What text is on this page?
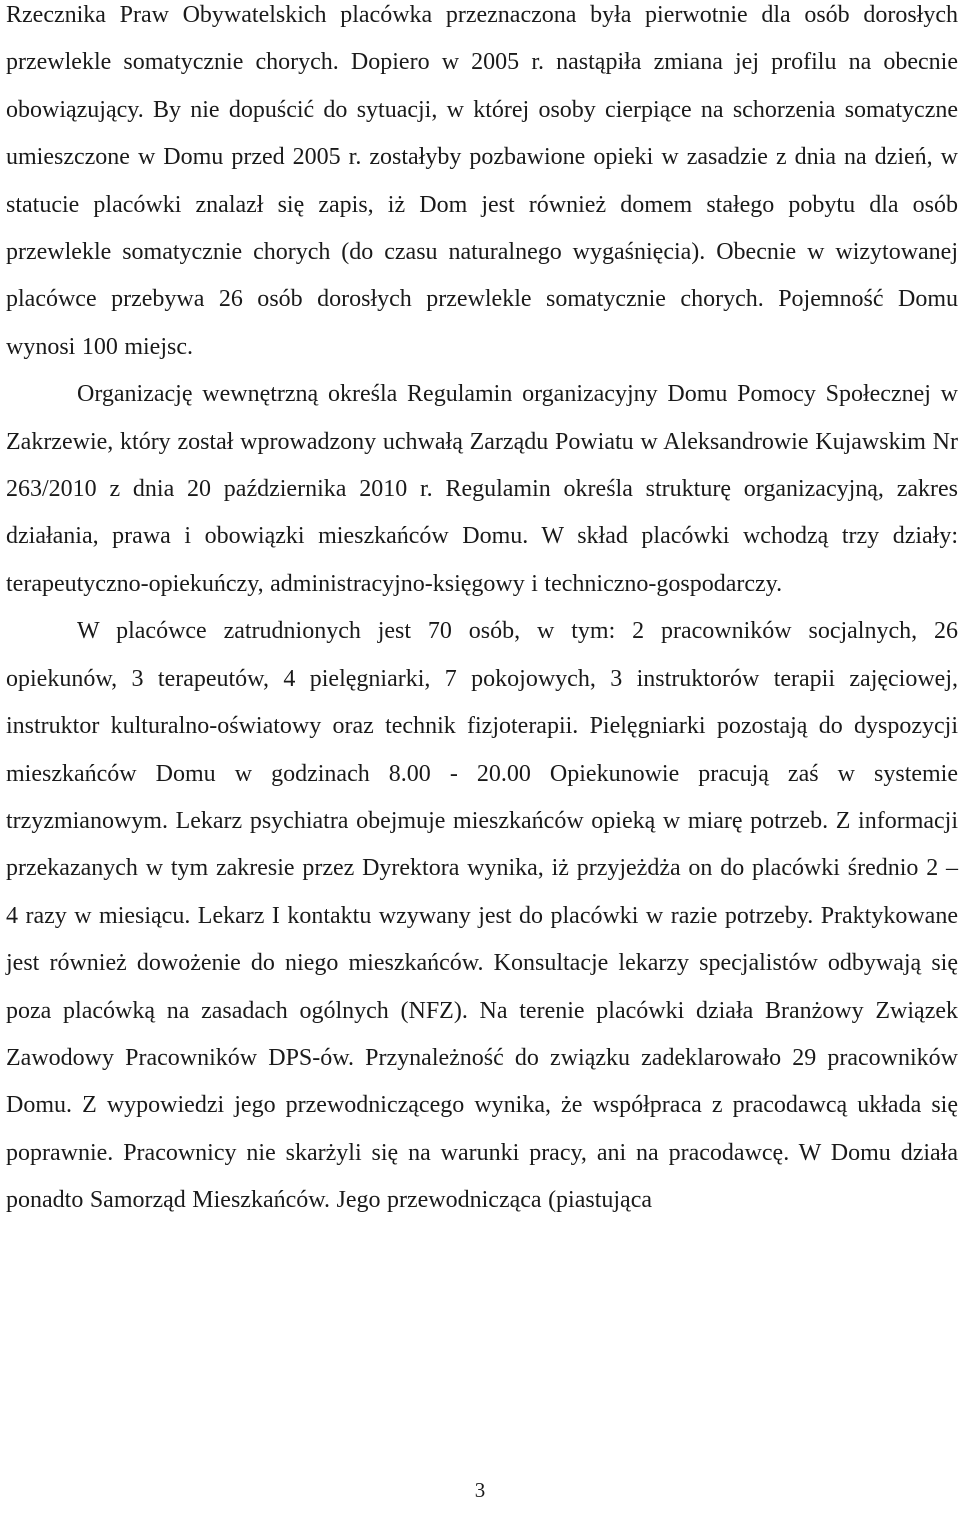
Rzecznika Praw Obywatelskich placówka przeznaczona była pierwotnie dla osób dorosłych przewlekle somatycznie chorych. Dopiero w 2005 r. nastąpiła zmiana jej profilu na obecnie obowiązujący. By nie dopuścić do sytuacji, w której osoby cierpiące na schorzenia somatyczne umieszczone w Domu przed 2005 r. zostałyby pozbawione opieki w zasadzie z dnia na dzień, w statucie placówki znalazł się zapis, iż Dom jest również domem stałego pobytu dla osób przewlekle somatycznie chorych (do czasu naturalnego wygaśnięcia). Obecnie w wizytowanej placówce przebywa 26 osób dorosłych przewlekle somatycznie chorych. Pojemność Domu wynosi 100 miejsc.

Organizację wewnętrzną określa Regulamin organizacyjny Domu Pomocy Społecznej w Zakrzewie, który został wprowadzony uchwałą Zarządu Powiatu w Aleksandrowie Kujawskim Nr 263/2010 z dnia 20 października 2010 r. Regulamin określa strukturę organizacyjną, zakres działania, prawa i obowiązki mieszkańców Domu. W skład placówki wchodzą trzy działy: terapeutyczno-opiekuńczy, administracyjno-księgowy i techniczno-gospodarczy.

W placówce zatrudnionych jest 70 osób, w tym: 2 pracowników socjalnych, 26 opiekunów, 3 terapeutów, 4 pielęgniarki, 7 pokojowych, 3 instruktorów terapii zajęciowej, instruktor kulturalno-oświatowy oraz technik fizjoterapii. Pielęgniarki pozostają do dyspozycji mieszkańców Domu w godzinach 8.00 - 20.00 Opiekunowie pracują zaś w systemie trzyzmianowym. Lekarz psychiatra obejmuje mieszkańców opieką w miarę potrzeb. Z informacji przekazanych w tym zakresie przez Dyrektora wynika, iż przyjeżdża on do placówki średnio 2 – 4 razy w miesiącu. Lekarz I kontaktu wzywany jest do placówki w razie potrzeby. Praktykowane jest również dowożenie do niego mieszkańców. Konsultacje lekarzy specjalistów odbywają się poza placówką na zasadach ogólnych (NFZ). Na terenie placówki działa Branżowy Związek Zawodowy Pracowników DPS-ów. Przynależność do związku zadeklarowało 29 pracowników Domu. Z wypowiedzi jego przewodniczącego wynika, że współpraca z pracodawcą układa się poprawnie. Pracownicy nie skarżyli się na warunki pracy, ani na pracodawcę. W Domu działa ponadto Samorząd Mieszkańców. Jego przewodnicząca (piastująca

3
